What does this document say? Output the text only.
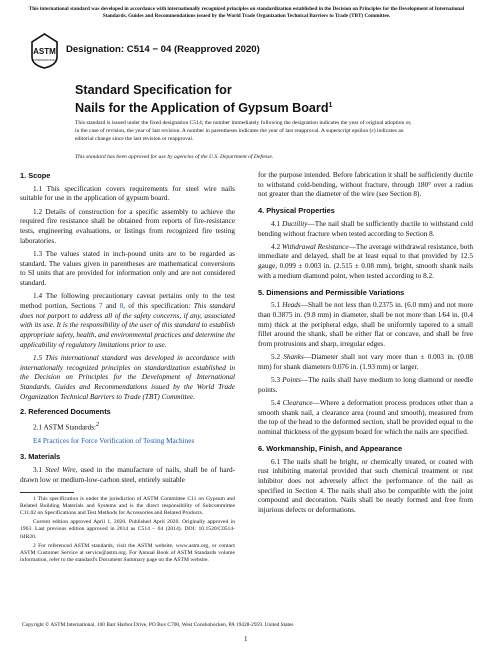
This international standard was developed in accordance with internationally recognized principles on standardization established in the Decision on Principles for the Development of International Standards, Guides and Recommendations issued by the World Trade Organization Technical Barriers to Trade (TBT) Committee.
ASTM
INTERNATIONAL
Designation: C514 − 04 (Reapproved 2020)
Standard Specification for
Nails for the Application of Gypsum Board$^1$
This standard is issued under the fixed designation C514; the number immediately following the designation indicates the year of original adoption or, in the case of revision, the year of last revision. A number in parentheses indicates the year of last reapproval. A superscript epsilon (ε) indicates an editorial change since the last revision or reapproval.
This standard has been approved for use by agencies of the U.S. Department of Defense.
1. Scope

1.1 This specification covers requirements for steel wire nails suitable for use in the application of gypsum board.

1.2 Details of construction for a specific assembly to achieve the required fire resistance shall be obtained from reports of fire-resistance tests, engineering evaluations, or listings from recognized fire testing laboratories.

1.3 The values stated in inch-pound units are to be regarded as standard. The values given in parentheses are mathematical conversions to SI units that are provided for information only and are not considered standard.

1.4 The following precautionary caveat pertains only to the test method portion, Sections 7 and 8, of this specification: This standard does not purport to address all of the safety concerns, if any, associated with its use. It is the responsibility of the user of this standard to establish appropriate safety, health, and environmental practices and determine the applicability of regulatory limitations prior to use.

1.5 This international standard was developed in accordance with internationally recognized principles on standardization established in the Decision on Principles for the Development of International Standards, Guides and Recommendations issued by the World Trade Organization Technical Barriers to Trade (TBT) Committee.

2. Referenced Documents

2.1 ASTM Standards:$^2$

E4 Practices for Force Verification of Testing Machines
3. Materials

3.1 Steel Wire, used in the manufacture of nails, shall be of hard-drawn low or medium-low-carbon steel, entirely suitable

1 This specification is under the jurisdiction of ASTM Committee C11 on Gypsum and Related Building Materials and Systems and is the direct responsibility of Subcommittee C11.02 on Specifications and Test Methods for Accessories and Related Products.
Current edition approved April 1, 2020. Published April 2020. Originally approved in 1963. Last previous edition approved in 2014 as C514 – 04 (2014). DOI: 10.1520/C0514-04R20.
2 For referenced ASTM standards, visit the ASTM website, www.astm.org, or contact ASTM Customer Service at service@astm.org. For Annual Book of ASTM Standards volume information, refer to the standard's Document Summary page on the ASTM website.

for the purpose intended. Before fabrication it shall be sufficiently ductile to withstand cold-bending, without fracture, through 180° over a radius not greater than the diameter of the wire (see Section 8).

4. Physical Properties

4.1 Ductility—The nail shall be sufficiently ductile to withstand cold bending without fracture when tested according to Section 8.

4.2 Withdrawal Resistance—The average withdrawal resistance, both immediate and delayed, shall be at least equal to that provided by 12.5 gauge, 0.099 ± 0.003 in. (2.515 ± 0.08 mm), bright, smooth shank nails with a medium diamond point, when tested according to 8.2.

5. Dimensions and Permissible Variations

5.1 Heads—Shall be not less than 0.2375 in. (6.0 mm) and not more than 0.3875 in. (9.8 mm) in diameter, shall be not more than 1⁄64 in. (0.4 mm) thick at the peripheral edge, shall be uniformly tapered to a small fillet around the shank, shall be either flat or concave, and shall be free from protrusions and sharp, irregular edges.

5.2 Shanks—Diameter shall not vary more than ± 0.003 in. (0.08 mm) for shank diameters 0.076 in. (1.93 mm) or larger.

5.3 Points—The nails shall have medium to long diamond or needle points.

5.4 Clearance—Where a deformation process produces other than a smooth shank nail, a clearance area (round and smooth), measured from the top of the head to the deformed section, shall be provided equal to the nominal thickness of the gypsum board for which the nails are specified.

6. Workmanship, Finish, and Appearance

6.1 The nails shall be bright, or chemically treated, or coated with rust inhibiting material provided that such chemical treatment or rust inhibitor does not adversely affect the performance of the nail as specified in Section 4. The nails shall also be compatible with the joint compound and decoration. Nails shall be neatly formed and free from injurious defects or deformations.

Copyright © ASTM International, 100 Barr Harbor Drive, PO Box C700, West Conshohocken, PA 19428-2959. United States
1
